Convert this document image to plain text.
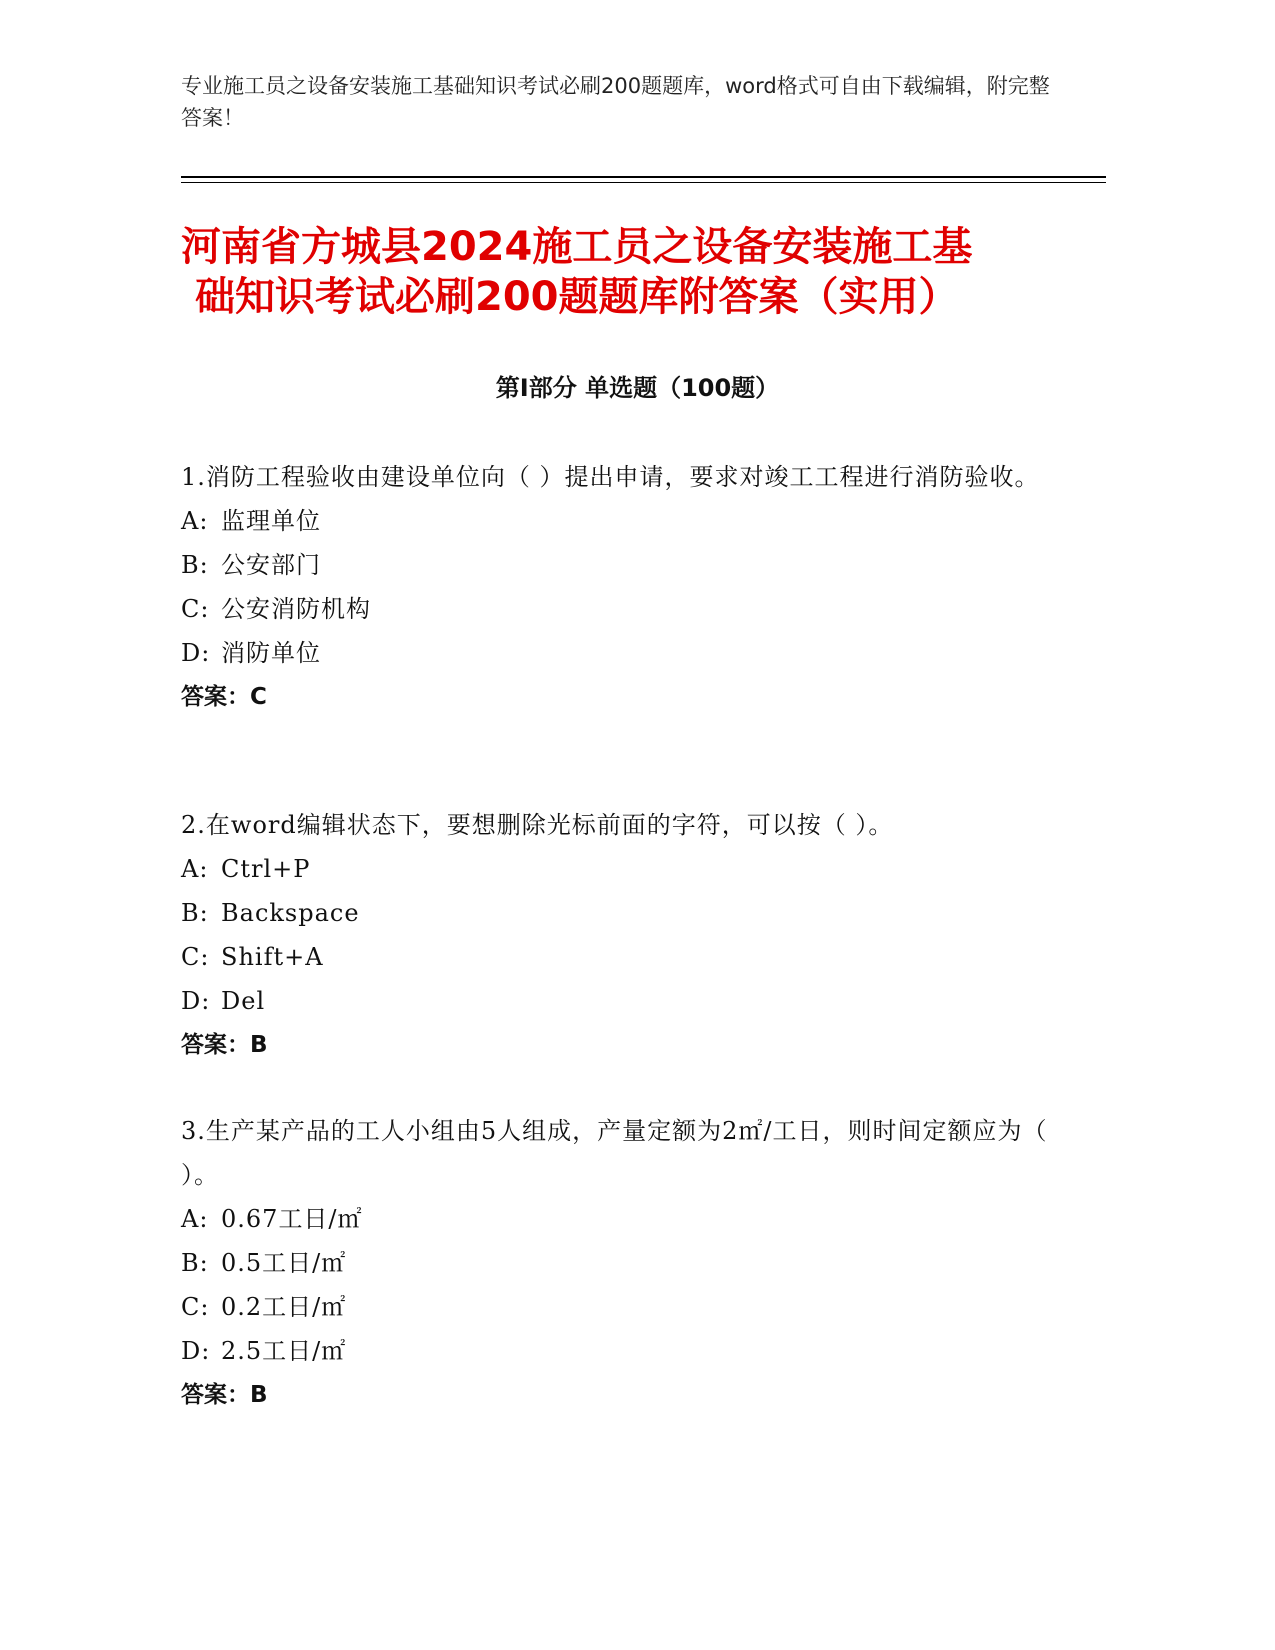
专业施工员之设备安装施工基础知识考试必刷200题题库，word格式可自由下载编辑，附完整答案！
河南省方城县2024施工员之设备安装施工基
础知识考试必刷200题题库附答案（实用）
第Ⅰ部分 单选题（100题）
1.消防工程验收由建设单位向（ ）提出申请，要求对竣工工程进行消防验收。
A: 监理单位
B: 公安部门
C: 公安消防机构
D: 消防单位
答案：C
2.在word编辑状态下，要想删除光标前面的字符，可以按（ ）。
A: Ctrl+P
B: Backspace
C: Shift+A
D: Del
答案：B
3.生产某产品的工人小组由5人组成，产量定额为2㎡/工日，则时间定额应为（ ）。
A: 0.67工日/㎡
B: 0.5工日/㎡
C: 0.2工日/㎡
D: 2.5工日/㎡
答案：B
